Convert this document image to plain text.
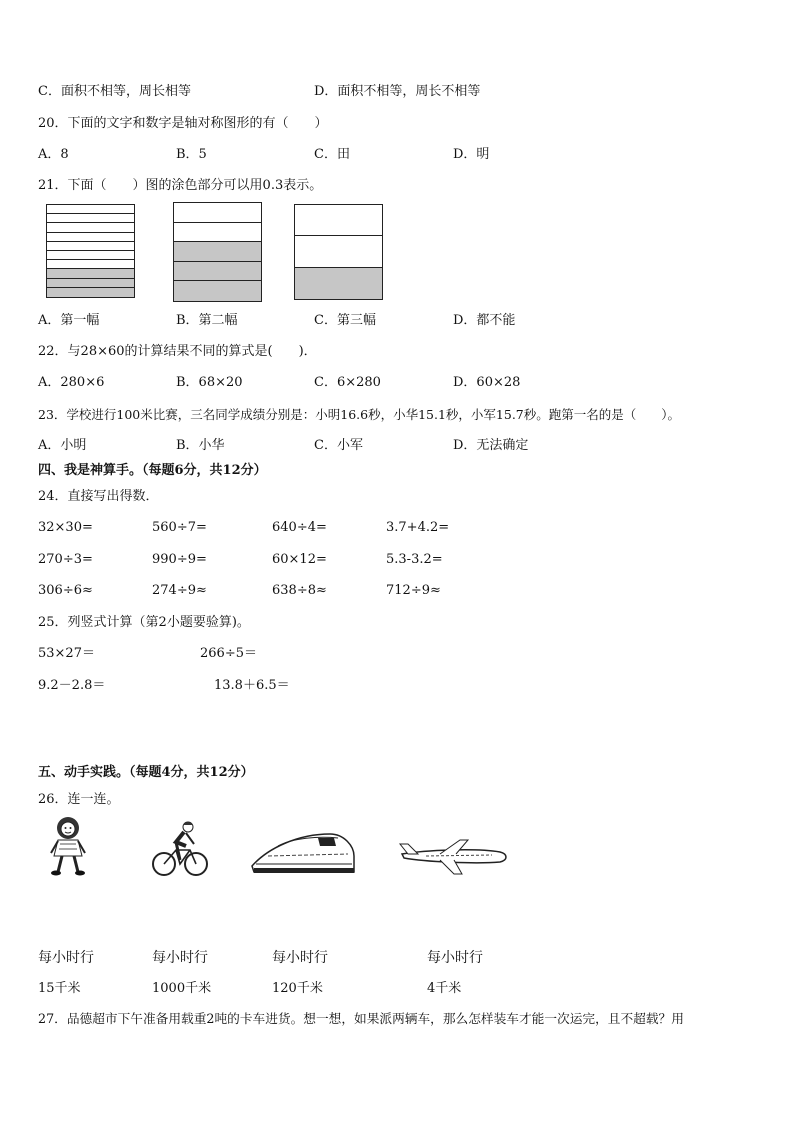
C．面积不相等，周长相等	D．面积不相等，周长不相等
20．下面的文字和数字是轴对称图形的有（　　）
A．8	B．5	C．田	D．明
21．下面（　　）图的涂色部分可以用0.3表示。
A．第一幅	B．第二幅	C．第三幅	D．都不能
22．与28×60的计算结果不同的算式是(　　)．
A．280×6	B．68×20	C．6×280	D．60×28
23．学校进行100米比赛，三名同学成绩分别是：小明16.6秒，小华15.1秒，小军15.7秒。跑第一名的是（　　）。
A．小明	B．小华	C．小军	D．无法确定
四、我是神算手。（每题6分，共12分）
24．直接写出得数．
32×30=	560÷7=	640÷4=	3.7+4.2=
270÷3=	990÷9=	60×12=	5.3-3.2=
306÷6≈	274÷9≈	638÷8≈	712÷9≈
25．列竖式计算（第2小题要验算)。
53×27＝	266÷5＝
9.2－2.8＝	13.8＋6.5＝
五、动手实践。（每题4分，共12分）
26．连一连。
每小时行	每小时行	每小时行	每小时行
15千米	1000千米	120千米	4千米
27．品德超市下午准备用载重2吨的卡车进货。想一想，如果派两辆车，那么怎样装车才能一次运完，且不超载？用
